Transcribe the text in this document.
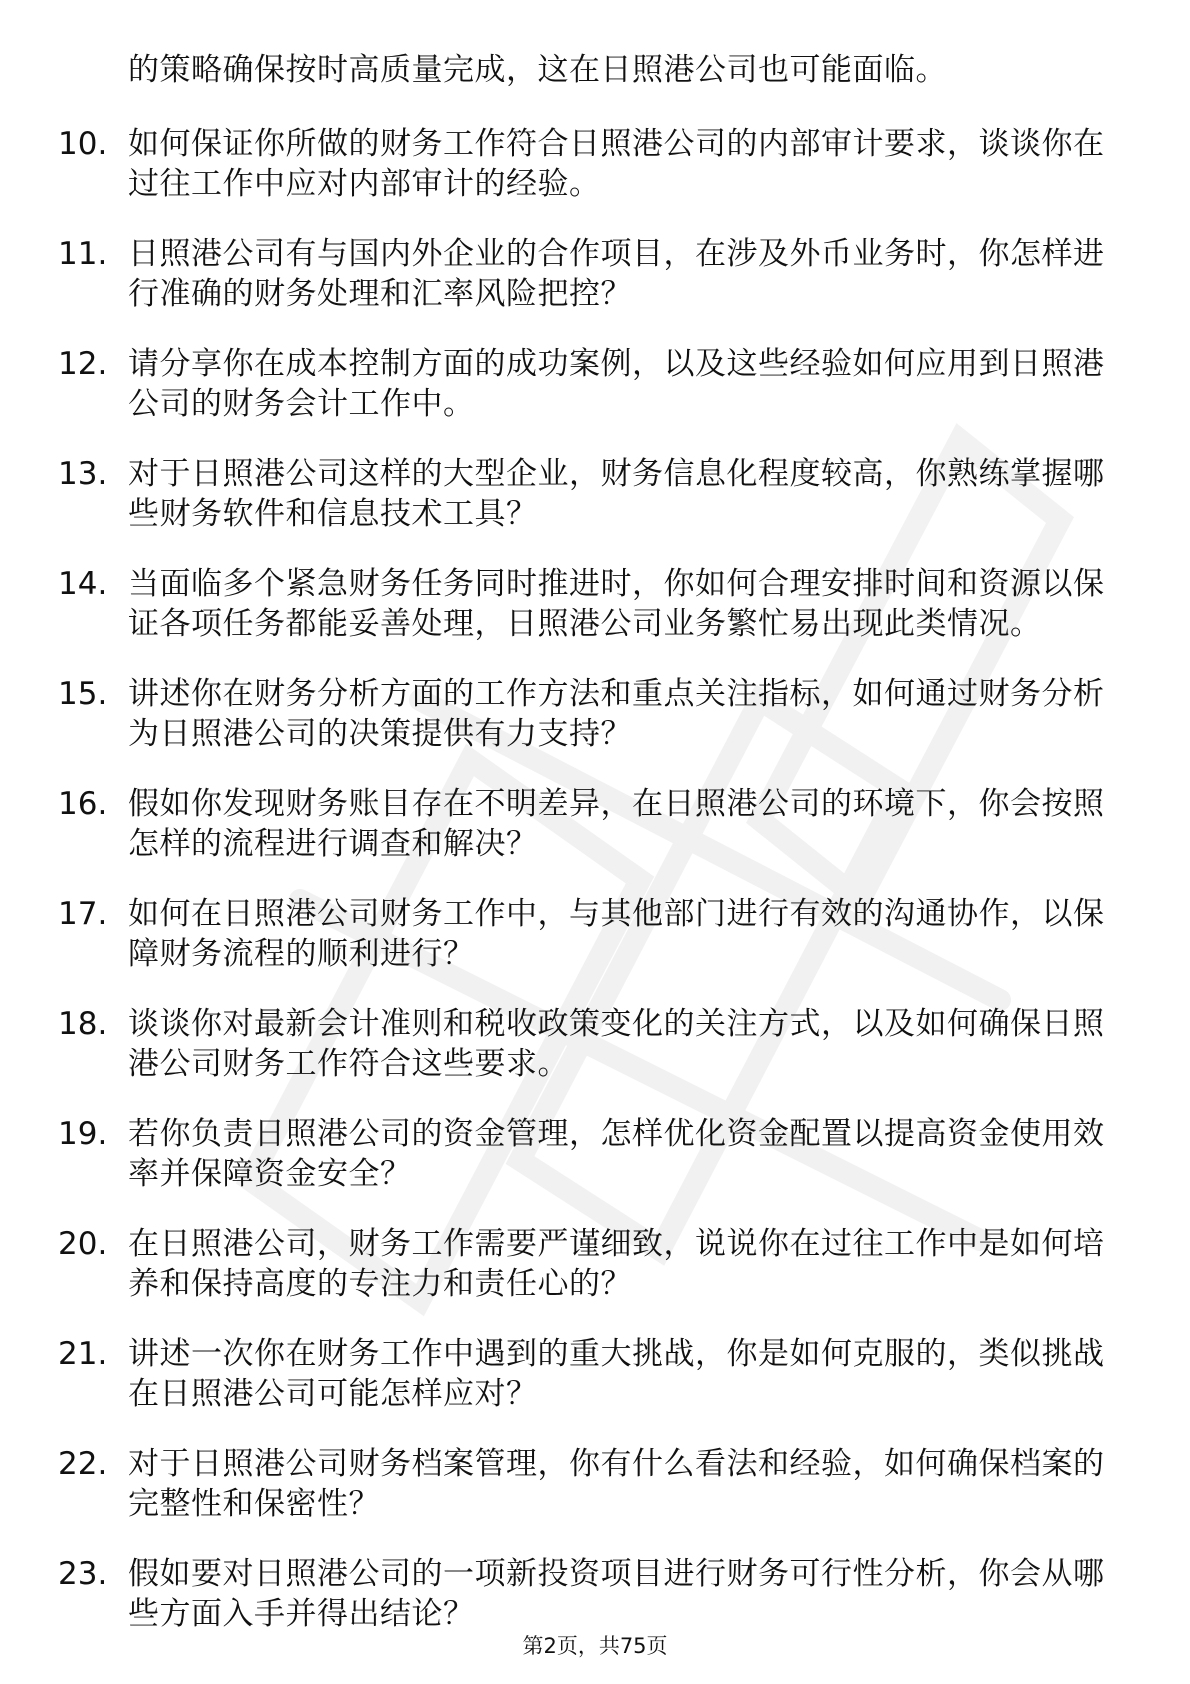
的策略确保按时高质量完成，这在日照港公司也可能面临。
10. 如何保证你所做的财务工作符合日照港公司的内部审计要求，谈谈你在过往工作中应对内部审计的经验。
11. 日照港公司有与国内外企业的合作项目，在涉及外币业务时，你怎样进行准确的财务处理和汇率风险把控？
12. 请分享你在成本控制方面的成功案例，以及这些经验如何应用到日照港公司的财务会计工作中。
13. 对于日照港公司这样的大型企业，财务信息化程度较高，你熟练掌握哪些财务软件和信息技术工具？
14. 当面临多个紧急财务任务同时推进时，你如何合理安排时间和资源以保证各项任务都能妥善处理，日照港公司业务繁忙易出现此类情况。
15. 讲述你在财务分析方面的工作方法和重点关注指标，如何通过财务分析为日照港公司的决策提供有力支持？
16. 假如你发现财务账目存在不明差异，在日照港公司的环境下，你会按照怎样的流程进行调查和解决？
17. 如何在日照港公司财务工作中，与其他部门进行有效的沟通协作，以保障财务流程的顺利进行？
18. 谈谈你对最新会计准则和税收政策变化的关注方式，以及如何确保日照港公司财务工作符合这些要求。
19. 若你负责日照港公司的资金管理，怎样优化资金配置以提高资金使用效率并保障资金安全？
20. 在日照港公司，财务工作需要严谨细致，说说你在过往工作中是如何培养和保持高度的专注力和责任心的？
21. 讲述一次你在财务工作中遇到的重大挑战，你是如何克服的，类似挑战在日照港公司可能怎样应对？
22. 对于日照港公司财务档案管理，你有什么看法和经验，如何确保档案的完整性和保密性？
23. 假如要对日照港公司的一项新投资项目进行财务可行性分析，你会从哪些方面入手并得出结论？
第2页，共75页
